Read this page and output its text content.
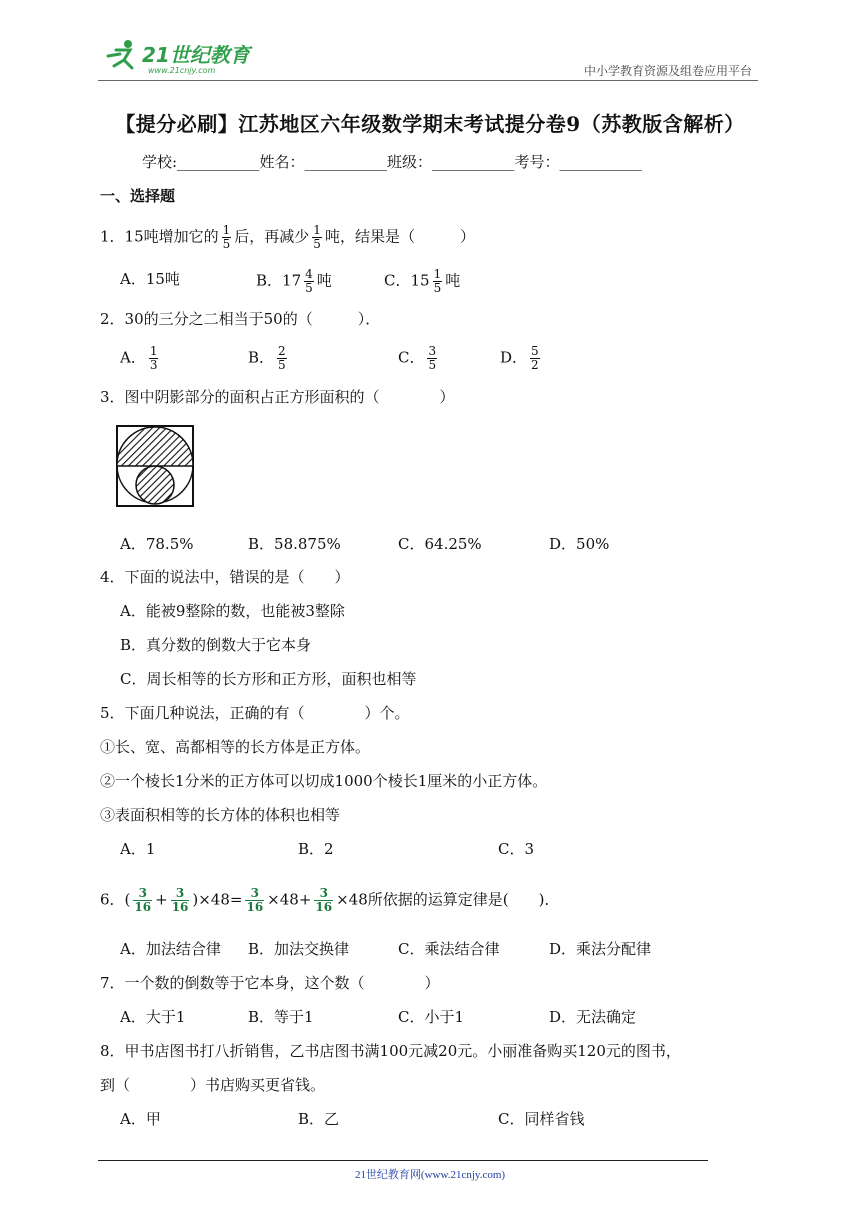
21世纪教育
www.21cnjy.com	中小学教育资源及组卷应用平台
【提分必刷】江苏地区六年级数学期末考试提分卷9（苏教版含解析）
学校:___________姓名：___________班级：___________考号：___________
一、选择题
1．15吨增加它的 $\frac{1}{5}$ 后，再减少 $\frac{1}{5}$ 吨，结果是（　　　）
A．15吨	B．$17 \frac{4}{5}$ 吨	C．$15 \frac{1}{5}$ 吨
2．30的三分之二相当于50的（　　　）．
A． $\frac{1}{3}$	B． $\frac{2}{5}$	C． $\frac{3}{5}$	D． $\frac{5}{2}$
3．图中阴影部分的面积占正方形面积的（　　　　）
A．78.5%	B．58.875%	C．64.25%	D．50%
4．下面的说法中，错误的是（　　）
A．能被9整除的数，也能被3整除
B．真分数的倒数大于它本身
C．周长相等的长方形和正方形，面积也相等
5．下面几种说法，正确的有（　　　　）个。
①长、宽、高都相等的长方体是正方体。
②一个棱长1分米的正方体可以切成1000个棱长1厘米的小正方体。
③表面积相等的长方体的体积也相等
A．1	B．2	C．3
6．( $\frac{3}{16} + \frac{3}{16} )\times 48= \frac{3}{16} \times 48+ \frac{3}{16} \times 48$所依据的运算定律是(　　)．
A．加法结合律 B．加法交换律	C．乘法结合律	D．乘法分配律
7．一个数的倒数等于它本身，这个数（　　　　）
A．大于1	B．等于1	C．小于1	D．无法确定
8．甲书店图书打八折销售，乙书店图书满100元减20元。小丽准备购买120元的图书，
到（　　　　）书店购买更省钱。
A．甲	B．乙	C．同样省钱
21世纪教育网(www.21cnjy.com)
